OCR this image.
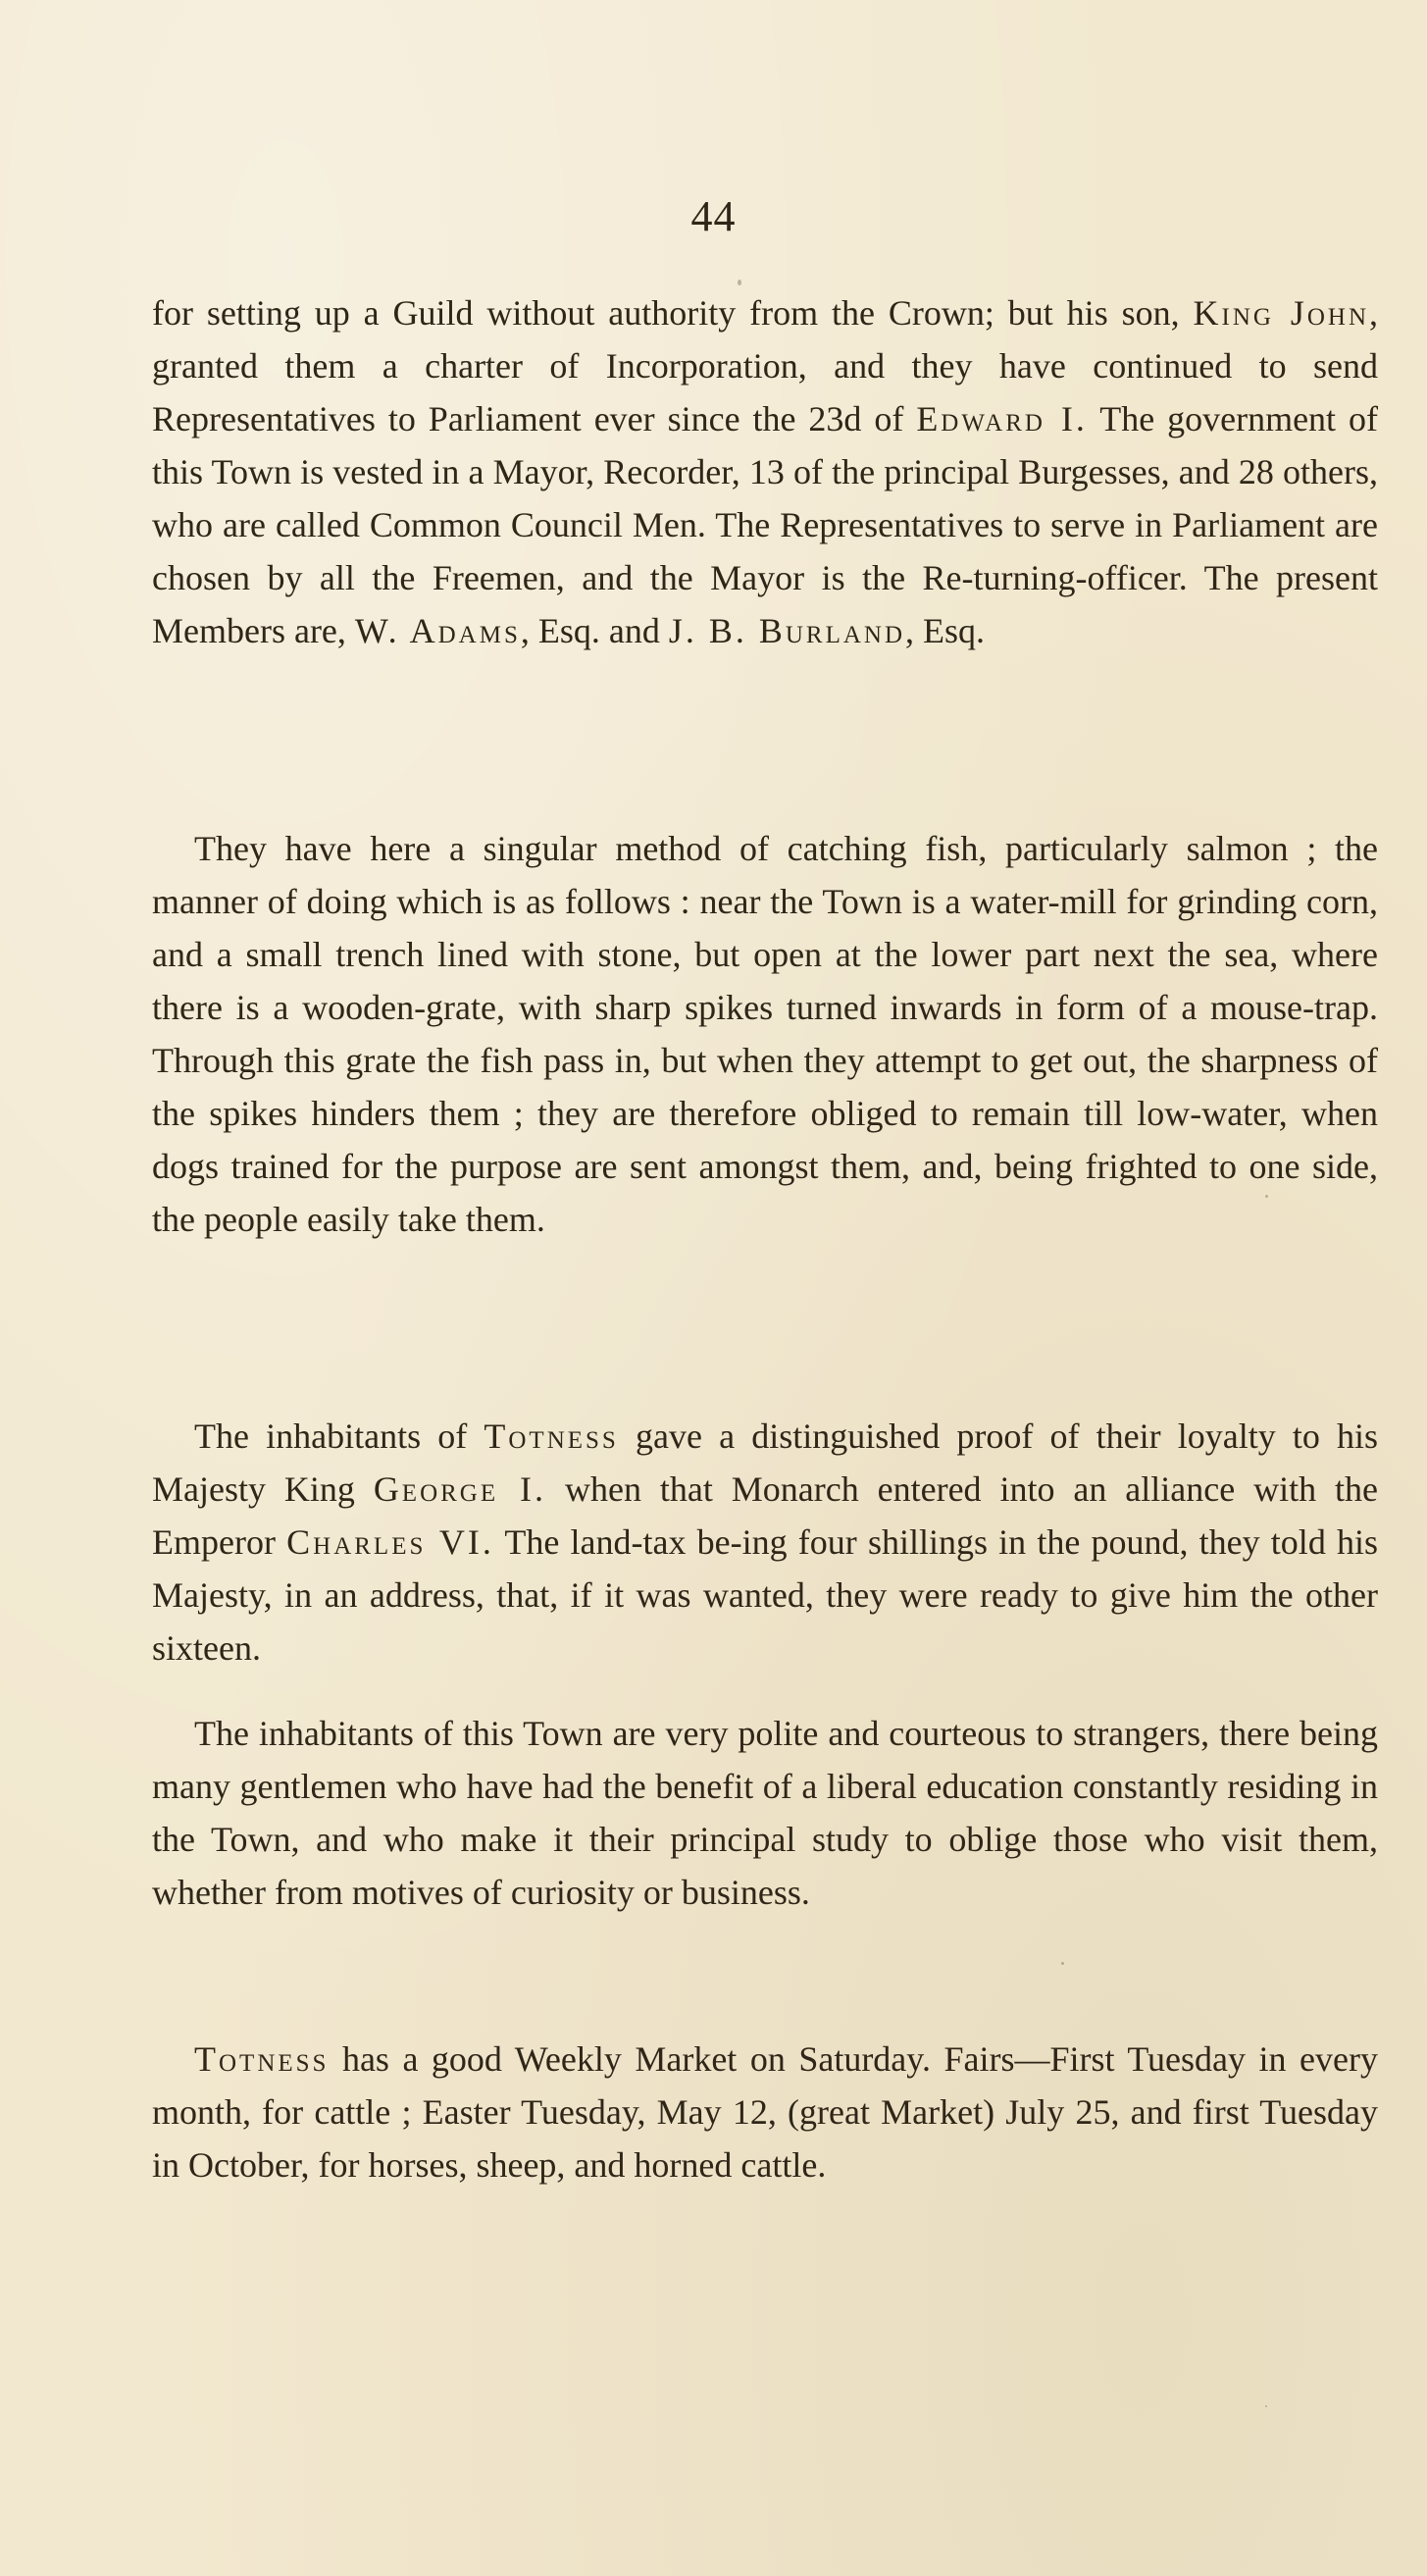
44

for setting up a Guild without authority from the Crown; but his son, King John, granted them a charter of Incorporation, and they have continued to send Representatives to Parliament ever since the 23d of Edward I. The government of this Town is vested in a Mayor, Recorder, 13 of the principal Burgesses, and 28 others, who are called Common Council Men. The Representatives to serve in Parliament are chosen by all the Freemen, and the Mayor is the Re-turning-officer. The present Members are, W. Adams, Esq. and J. B. Burland, Esq.

They have here a singular method of catching fish, particularly salmon ; the manner of doing which is as follows : near the Town is a water-mill for grinding corn, and a small trench lined with stone, but open at the lower part next the sea, where there is a wooden-grate, with sharp spikes turned inwards in form of a mouse-trap. Through this grate the fish pass in, but when they attempt to get out, the sharpness of the spikes hinders them ; they are therefore obliged to remain till low-water, when dogs trained for the purpose are sent amongst them, and, being frighted to one side, the people easily take them.

The inhabitants of Totness gave a distinguished proof of their loyalty to his Majesty King George I. when that Monarch entered into an alliance with the Emperor Charles VI. The land-tax be-ing four shillings in the pound, they told his Majesty, in an address, that, if it was wanted, they were ready to give him the other sixteen.

The inhabitants of this Town are very polite and courteous to strangers, there being many gentlemen who have had the benefit of a liberal education constantly residing in the Town, and who make it their principal study to oblige those who visit them, whether from motives of curiosity or business.

Totness has a good Weekly Market on Saturday. Fairs—First Tuesday in every month, for cattle ; Easter Tuesday, May 12, (great Market) July 25, and first Tuesday in October, for horses, sheep, and horned cattle.
